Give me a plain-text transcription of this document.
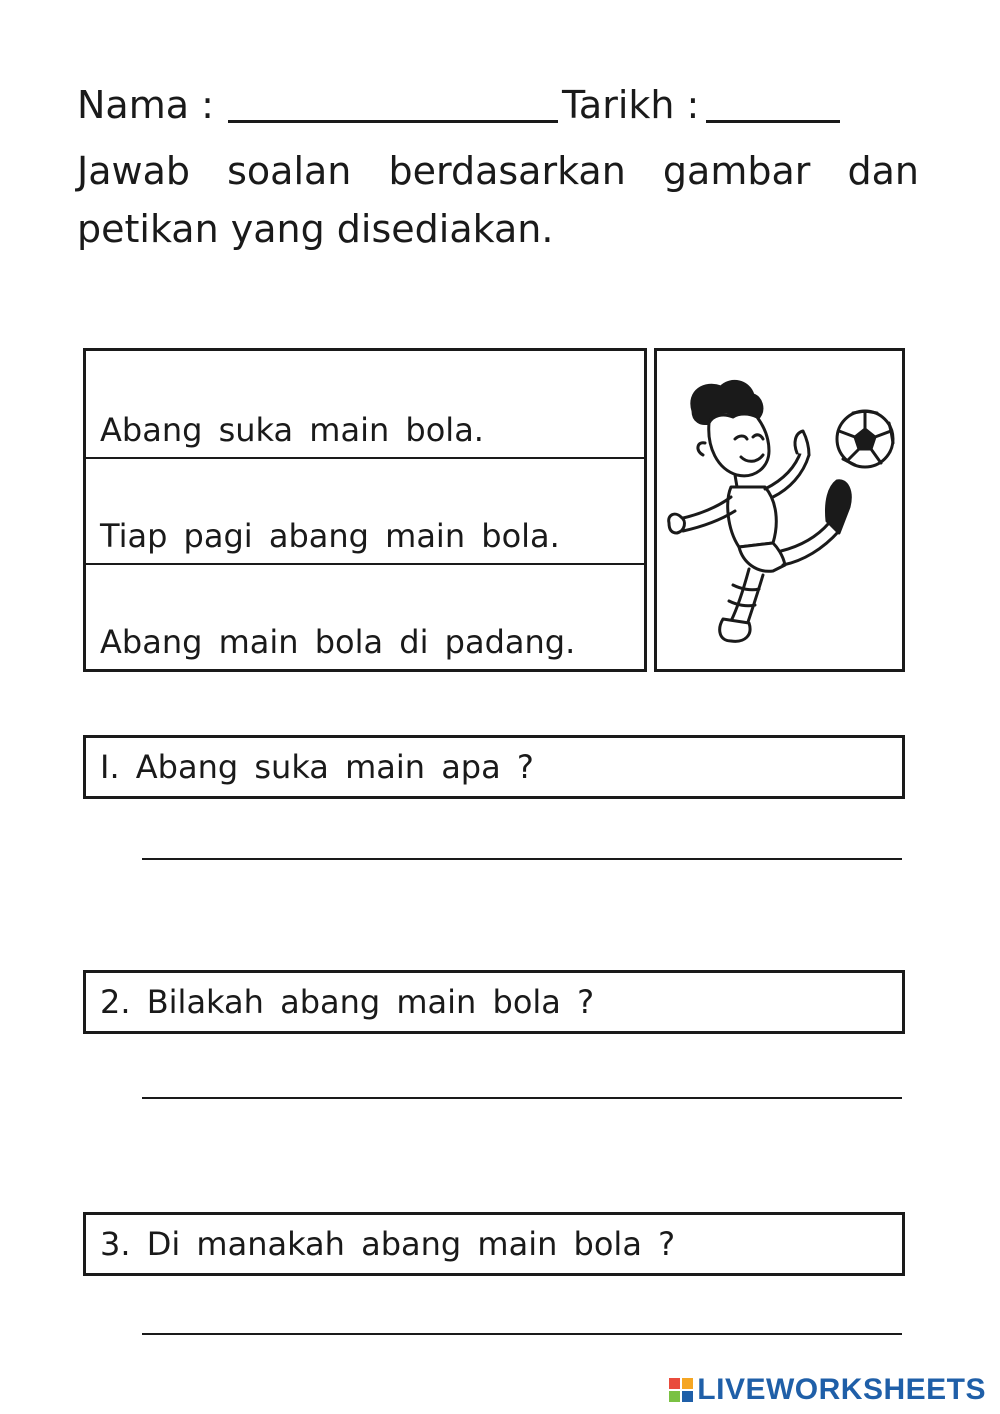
Nama :	Tarikh :
Jawab soalan berdasarkan gambar dan petikan yang disediakan.
Abang suka main bola.
Tiap pagi abang main bola.
Abang main bola di padang.
I. Abang suka main apa ?
2. Bilakah abang main bola ?
3. Di manakah abang main bola ?
LIVEWORKSHEETS
